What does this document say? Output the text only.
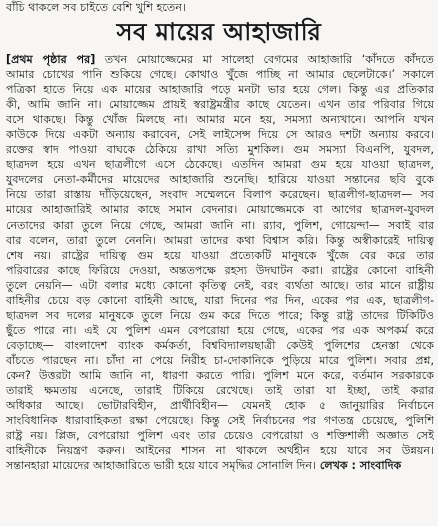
বাঁচি থাকলে সব চাইতে বেশি খুশি হতেন।
সব মায়ের আহাজারি
[প্রথম পৃষ্ঠার পর] তখন মোয়াজ্জেমের মা সালেহা বেগমের আহাজারি ‘কাঁদতে কাঁদতে
আমার চোখের পানি শুকিয়ে গেছে। কোথাও খুঁজে পাচ্ছি না আমার ছেলেটাকে।’ সকালে
পত্রিকা হাতে নিয়ে এক মায়ের আহাজারি পড়ে মনটা ভার হয়ে গেল। কিন্তু এর প্রতিকার
কী, আমি জানি না। মোয়াজ্জেম প্রায়ই স্বরাষ্ট্রমন্ত্রীর কাছে যেতেন। এখন তার পরিবার গিয়ে
বসে থাকছে। কিন্তু খোঁজ মিলছে না। আমার মনে হয়, সমস্যা অন্যখানে। আপনি যখন
কাউকে দিয়ে একটা অন্যায় করাবেন, সেই লাইসেন্স দিয়ে সে আরও দশটা অন্যায় করবে।
রক্তের স্বাদ পাওয়া বাঘকে ঠেকিয়ে রাখা সত্যি মুশকিল। গুম সমস্যা বিএনপি, যুবদল,
ছাত্রদল হয়ে এখন ছাত্রলীগে এসে ঠেকেছে। এতদিন আমরা গুম হয়ে যাওয়া ছাত্রদল,
যুবদলের নেতা-কর্মীদের মায়েদের আহাজারি শুনেছি। হারিয়ে যাওয়া সন্তানের ছবি বুকে
নিয়ে তারা রাস্তায় দাঁড়িয়েছেন, সংবাদ সম্মেলনে বিলাপ করেছেন। ছাত্রলীগ-ছাত্রদল— সব
মায়ের আহাজারিই আমার কাছে সমান বেদনার। মোয়াজ্জেমকে বা আগের ছাত্রদল-যুবদল
নেতাদের কারা তুলে নিয়ে গেছে, আমরা জানি না। র‍্যাব, পুলিশ, গোয়েন্দা— সবাই বার
বার বলেন, তারা তুলে নেননি। আমরা তাদের কথা বিশ্বাস করি। কিন্তু অস্বীকারেই দায়িত্ব
শেষ নয়। রাষ্ট্রের দায়িত্ব গুম হয়ে যাওয়া প্রত্যেকটি মানুষকে খুঁজে বের করে তার
পরিবারের কাছে ফিরিয়ে দেওয়া, অন্ততপক্ষে রহস্য উদঘাটন করা। রাষ্ট্রের কোনো বাহিনী
তুলে নেয়নি— এটা বলার মধ্যে কোনো কৃতিত্ব নেই, বরং ব্যর্থতা আছে। তার মানে রাষ্ট্রীয়
বাহিনীর চেয়ে বড় কোনো বাহিনী আছে, যারা দিনের পর দিন, একের পর এক, ছাত্রলীগ-
ছাত্রদল সব দলের মানুষকে তুলে নিয়ে গুম করে দিতে পারে; কিন্তু রাষ্ট্র তাদের টিকিটিও
ছুঁতে পারে না। এই যে পুলিশ এমন বেপরোয়া হয়ে গেছে, একের পর এক অপকর্ম করে
বেড়াচ্ছে— বাংলাদেশ ব্যাংক কর্মকর্তা, বিশ্ববিদ্যালয়ছাত্রী কেউই পুলিশের হেনস্তা থেকে
বাঁচতে পারছেন না। চাঁদা না পেয়ে নিরীহ চা-দোকানিকে পুড়িয়ে মারে পুলিশ। সবার প্রশ্ন,
কেন? উত্তরটা আমি জানি না, ধারণা করতে পারি। পুলিশ মনে করে, বর্তমান সরকারকে
তারাই ক্ষমতায় এনেছে, তারাই টিকিয়ে রেখেছে। তাই তারা যা ইচ্ছা, তাই করার
অধিকার আছে। ভোটারবিহীন, প্রার্থীবিহীন— যেমনই হোক ৫ জানুয়ারির নির্বাচনে
সাংবিধানিক ধারাবাহিকতা রক্ষা পেয়েছে। কিন্তু সেই নির্বাচনের পর গণতন্ত্র চেয়েছে, পুলিশি
রাষ্ট্র নয়। প্লিজ, বেপরোয়া পুলিশ এবং তার চেয়েও বেপরোয়া ও শক্তিশালী অজ্ঞাত সেই
বাহিনীকে নিয়ন্ত্রণ করুন। আইনের শাসন না থাকলে অর্থহীন হয়ে যাবে সব উন্নয়ন।
সন্তানহারা মায়েদের আহাজারিতে ভারী হয়ে যাবে সমৃদ্ধির সোনালি দিন। লেখক : সাংবাদিক
